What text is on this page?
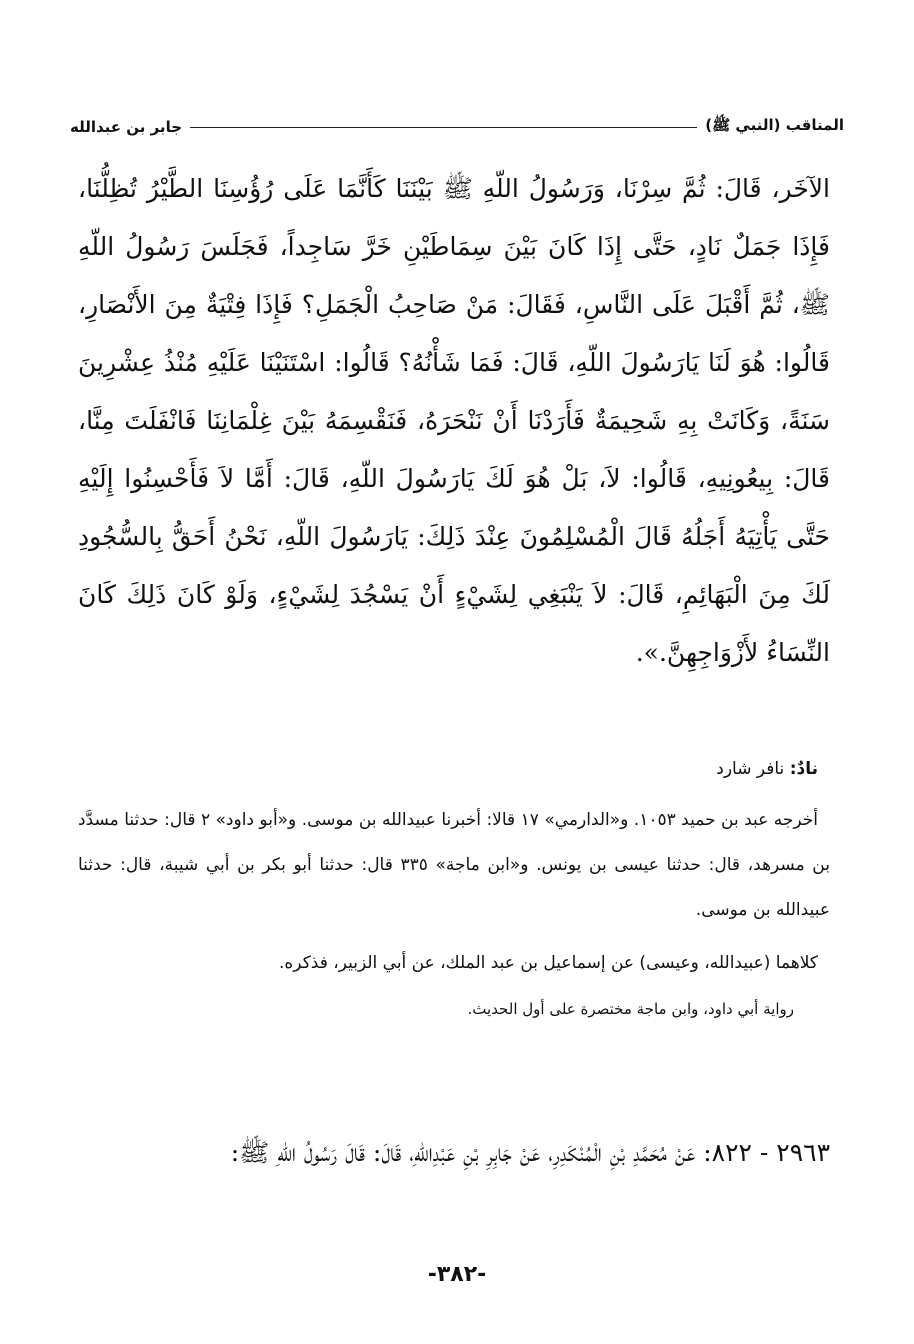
المناقب (النبي ﷺ)
جابر بن عبدالله

الآخَر، قَالَ: ثُمَّ سِرْنَا، وَرَسُولُ اللّهِ ﷺ بَيْنَنَا كَأَنَّمَا عَلَى رُؤُسِنَا الطَّيْرُ تُظِلُّنَا، فَإِذَا جَمَلٌ نَادٍ، حَتَّى إِذَا كَانَ بَيْنَ سِمَاطَيْنِ خَرَّ سَاجِداً، فَجَلَسَ رَسُولُ اللّهِ ﷺ، ثُمَّ أَقْبَلَ عَلَى النَّاسِ، فَقَالَ: مَنْ صَاحِبُ الْجَمَلِ؟ فَإِذَا فِتْيَةٌ مِنَ الأَنْصَارِ، قَالُوا: هُوَ لَنَا يَارَسُولَ اللّهِ، قَالَ: فَمَا شَأْنُهُ؟ قَالُوا: اسْتَنَيْنَا عَلَيْهِ مُنْذُ عِشْرِينَ سَنَةً، وَكَانَتْ بِهِ شَحِيمَةٌ فَأَرَدْنَا أَنْ نَنْحَرَهُ، فَنَقْسِمَهُ بَيْنَ غِلْمَانِنَا فَانْفَلَتَ مِنَّا، قَالَ: بِيعُونِيهِ، قَالُوا: لاَ، بَلْ هُوَ لَكَ يَارَسُولَ اللّهِ، قَالَ: أَمَّا لاَ فَأَحْسِنُوا إِلَيْهِ حَتَّى يَأْتِيَهُ أَجَلُهُ قَالَ الْمُسْلِمُونَ عِنْدَ ذَلِكَ: يَارَسُولَ اللّهِ، نَحْنُ أَحَقُّ بِالسُّجُودِ لَكَ مِنَ الْبَهَائِمِ، قَالَ: لاَ يَنْبَغِي لِشَيْءٍ أَنْ يَسْجُدَ لِشَيْءٍ، وَلَوْ كَانَ ذَلِكَ كَانَ النِّسَاءُ لأَزْوَاجِهِنَّ.».

نادٌ: نافر شارد

أخرجه عبد بن حميد ١٠٥٣. و«الدارمي» ١٧ قالا: أخبرنا عبيدالله بن موسى. و«أبو داود» ٢ قال: حدثنا مسدَّد بن مسرهد، قال: حدثنا عيسى بن يونس. و«ابن ماجة» ٣٣٥ قال: حدثنا أبو بكر بن أبي شيبة، قال: حدثنا عبيدالله بن موسى.

كلاهما (عبيدالله، وعيسى) عن إسماعيل بن عبد الملك، عن أبي الزبير، فذكره.

رواية أبي داود، وابن ماجة مختصرة على أول الحديث.

٢٩٦٣ - ٨٢٢: عَنْ مُحَمَّدِ بْنِ الْمُنْكَدِرِ، عَنْ جَابِرِ بْنِ عَبْدِاللّهِ، قَالَ: قَالَ رَسُولُ اللّهِ ﷺ:

-٣٨٢-
